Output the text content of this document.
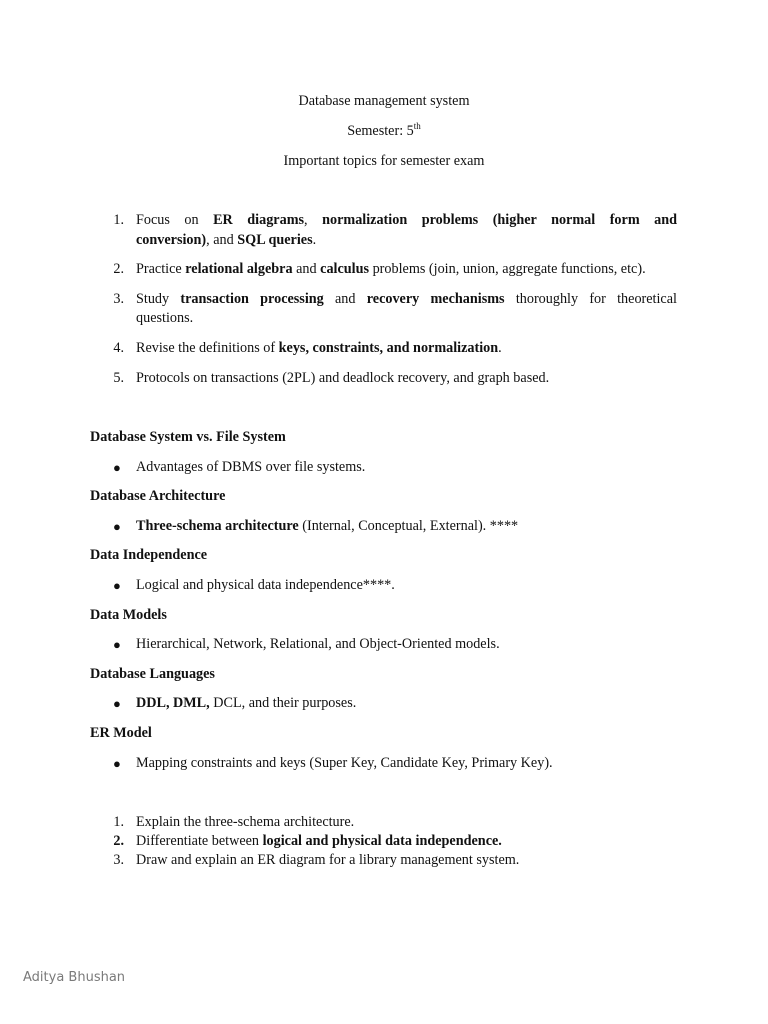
Database management system
Semester: 5th
Important topics for semester exam
1. Focus on ER diagrams, normalization problems (higher normal form and
conversion), and SQL queries.
2. Practice relational algebra and calculus problems (join, union, aggregate functions, etc).
3. Study transaction processing and recovery mechanisms thoroughly for theoretical
questions.
4. Revise the definitions of keys, constraints, and normalization.
5. Protocols on transactions (2PL) and deadlock recovery, and graph based.
Database System vs. File System
● Advantages of DBMS over file systems.
Database Architecture
● Three-schema architecture (Internal, Conceptual, External). ****
Data Independence
● Logical and physical data independence****.
Data Models
● Hierarchical, Network, Relational, and Object-Oriented models.
Database Languages
● DDL, DML, DCL, and their purposes.
ER Model
● Mapping constraints and keys (Super Key, Candidate Key, Primary Key).
1. Explain the three-schema architecture.
2. Differentiate between logical and physical data independence.
3. Draw and explain an ER diagram for a library management system.
Aditya Bhushan
